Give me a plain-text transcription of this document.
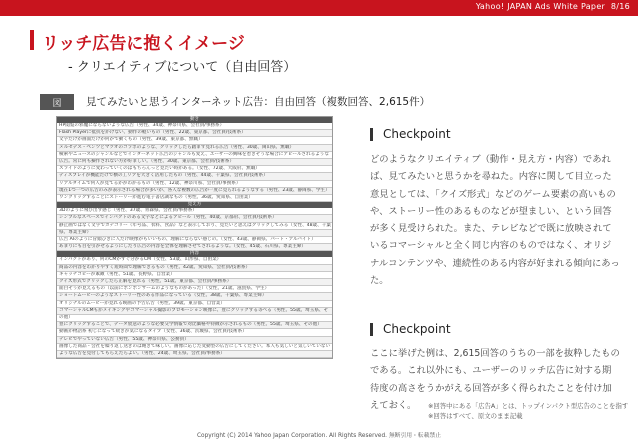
Yahoo! JAPAN Ads White Paper 8/16
リッチ広告に抱くイメージ
- クリエイティブについて（自由回答）
図	見てみたいと思うインターネット広告：自由回答（複数回答、2,615件）
動き
HP閲覧の邪魔にならないような広告（男性、34歳、神奈川県、会社員/事務系）
Flash Playerに抵抗をかけない、動作の軽いもの（男性、22歳、東京都、会社員/技術系）
文字だけが画面だけが何かで動くもの（男性、39歳、東京都、無職）
メルセデス・ベンツとマツオのコラボのような、クリックしたら踏まず見れる広告（男性、30歳、岡山県、無職）
検索やニュースのジャンルなどでインターネット広告のジャンルも変え、ユーザーの興味を惹きそうな場合にアピールされるような
広告。常に何も操作されない方が好ましい。（男性、30歳、東京都、会社員/技術系）
スライドのように変わっていくのはもちろんっと見たい時がある。（女性、72歳、大阪府、無職）
ディスプレイが機能だけで横の工リアを大きく活用したもの（男性、44歳、千葉県、会社員/技術系）
リアルタイムで何人が見てるかがわかるもの（男性、12歳、神奈川県、会社員/事務系）
現在1つ一つの広告のみが表示される場合が多いが、各人な複数の広告が一度に見られるようなする（男性、23歳、静岡県、学生）
ワンクリックすることにストーリーが進む電子書店調なもの（男性、36歳、愛知県、自由業）
見え方
3Dのように飛び出す感じ（男性、37歳、青森県、会社員/事務系）
シンプルなスペースでインパクトのある文字などによるアピール（男性、40歳、京都府、会社員/技術系）
静止画ではなく文字でカテゴリー（年号品、衣料、食品）など表示しており、見たいと思えばクリックしてみる（女性、48歳、千葉
県、専業主婦）
広告 AIのように冒頭ひきに人だけ映像がもいいもの、理解にならない感じの。（女性、43歳、静岡県、パート・アルバイト）
あまりにも目を引かせるようにしたり広告の内容を全体を理解させてされるような。（女性、45歳、石川県、専業主婦）
内容
インパクトがあり、何のCMかすぐ分かるCM（女性、53歳、山形県、自由業）
商品の内容をわかりやすく短時間で理解できるもの（男性、42歳、愛知県、会社員/技術系）
キャッチコピーが素敵（男性、51歳、長野県、自営業）
クイズ形式でクリックしたら正解を見れる（男性、51歳、東京都、会社員/事務系）
面白そうが見えるもの（以前にポンポンサームのようなものがあった）（女性、21歳、滋賀県、学生）
ショートムービーのようなストーリー性のある作品になっている（女性、38歳、千葉県、専業主婦）
オリジナルのムービーが見れる映画の予告広告（男性、39歳、東京都、自営業）
コマーシャルCMもがメイキングやコマーシャル撮影のプロモーション映像に、豊にクリックする等べる（男性、55歳、埼玉県、そ
の他）
豊にクリックすることで、データ放送のような必要交学情報で対比価格や特徴が示されるもの（男性、55歳、埼玉県、その他）
動画が物語系 初じになって続きが気になるタイプ（女性、36歳、茨城県、会社員/技術系）
テレビでやっていない広告（男性、55歳、神奈川県、公務員）
画像した商品・会社を繰り返し送ぎのは飽きて味しい。画像に応じた変動型の広告にしてください。本人も気しいと気しいていない
ような広告を見付してもらえたらよい。（男性、24歳、埼玉県、会社員/事務系）
Checkpoint
どのようなクリエイティブ（動作・見え方・内容）であれば、見てみたいと思うかを尋ねた。内容に関して目立った意見としては、「クイズ形式」などのゲーム要素の高いものや、ストーリー性のあるものなどが望ましい、という回答が多く見受けられた。また、テレビなどで既に放映されているコマーシャルと全く同じ内容のものではなく、オリジナルコンテンツや、連続性のある内容が好まれる傾向にあった。
Checkpoint
ここに挙げた例は、2,615回答のうちの一部を抜粋したものである。これ以外にも、ユーザーのリッチ広告に対する期待度の高さをうかがえる回答が多く得られたことを付け加えておく。	※回答中にある「広告A」とは、トップインパクト型広告のことを指す
※回答はすべて、原文のまま記載
Copyright (C) 2014 Yahoo Japan Corporation. All Rights Reserved. 無断引用・転載禁止
